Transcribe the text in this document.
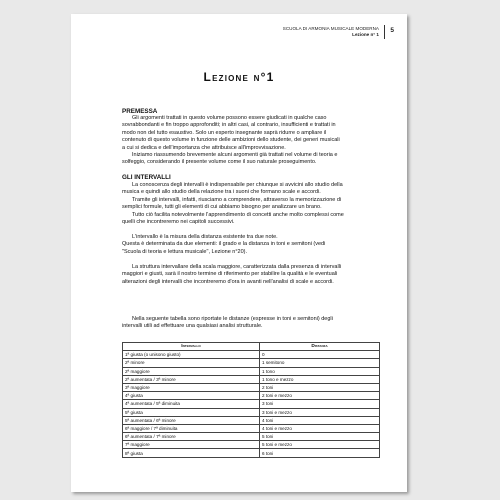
SCUOLA DI ARMONIA MUSICALE MODERNA
Lezione n° 1
5
Lezione n°1
PREMESSA
Gli argomenti trattati in questo volume possono essere giudicati in qualche caso
sovrabbondanti e fin troppo approfonditi; in altri casi, al contrario, insufficienti e trattati in
modo non del tutto esaustivo. Solo un esperto insegnante saprà ridurre o ampliare il
contenuto di questo volume in funzione delle ambizioni dello studente, dei generi musicali
a cui si dedica e dell'importanza che attribuisce all'improvvisazione.
Iniziamo riassumendo brevemente alcuni argomenti già trattati nel volume di teoria e
solfeggio, considerando il presente volume come il suo naturale proseguimento.
GLI INTERVALLI
La conoscenza degli intervalli è indispensabile per chiunque si avvicini allo studio della
musica e quindi allo studio della relazione tra i suoni che formano scale e accordi.
Tramite gli intervalli, infatti, riusciamo a comprendere, attraverso la memorizzazione di
semplici formule, tutti gli elementi di cui abbiamo bisogno per analizzare un brano.
Tutto ciò facilita notevolmente l'apprendimento di concetti anche molto complessi come
quelli che incontreremo nei capitoli successivi.
L'intervallo è la misura della distanza esistente tra due note.
Questa è determinata da due elementi: il grado e la distanza in toni e semitoni (vedi
"Scuola di teoria e lettura musicale", Lezione n°20).
La struttura intervallare della scala maggiore, caratterizzata dalla presenza di intervalli
maggiori e giusti, sarà il nostro termine di riferimento per stabilire la qualità e le eventuali
alterazioni degli intervalli che incontreremo d'ora in avanti nell'analisi di scale e accordi.
Nella seguente tabella sono riportate le distanze (espresse in toni e semitoni) degli
intervalli utili ad effettuare una qualsiasi analisi strutturale.
Intervallo	Distanza
1ª giusta (o unisono giusto)	0
2ª minore	1 semitono
2ª maggiore	1 tono
2ª aumentata / 3ª minore	1 tono e mezzo
3ª maggiore	2 toni
4ª giusta	2 toni e mezzo
4ª aumentata / 5ª diminuita	3 toni
5ª giusta	3 toni e mezzo
5ª aumentata / 6ª minore	4 toni
6ª maggiore / 7ª diminuita	4 toni e mezzo
6ª aumentata / 7ª minore	5 toni
7ª maggiore	5 toni e mezzo
8ª giusta	6 toni
